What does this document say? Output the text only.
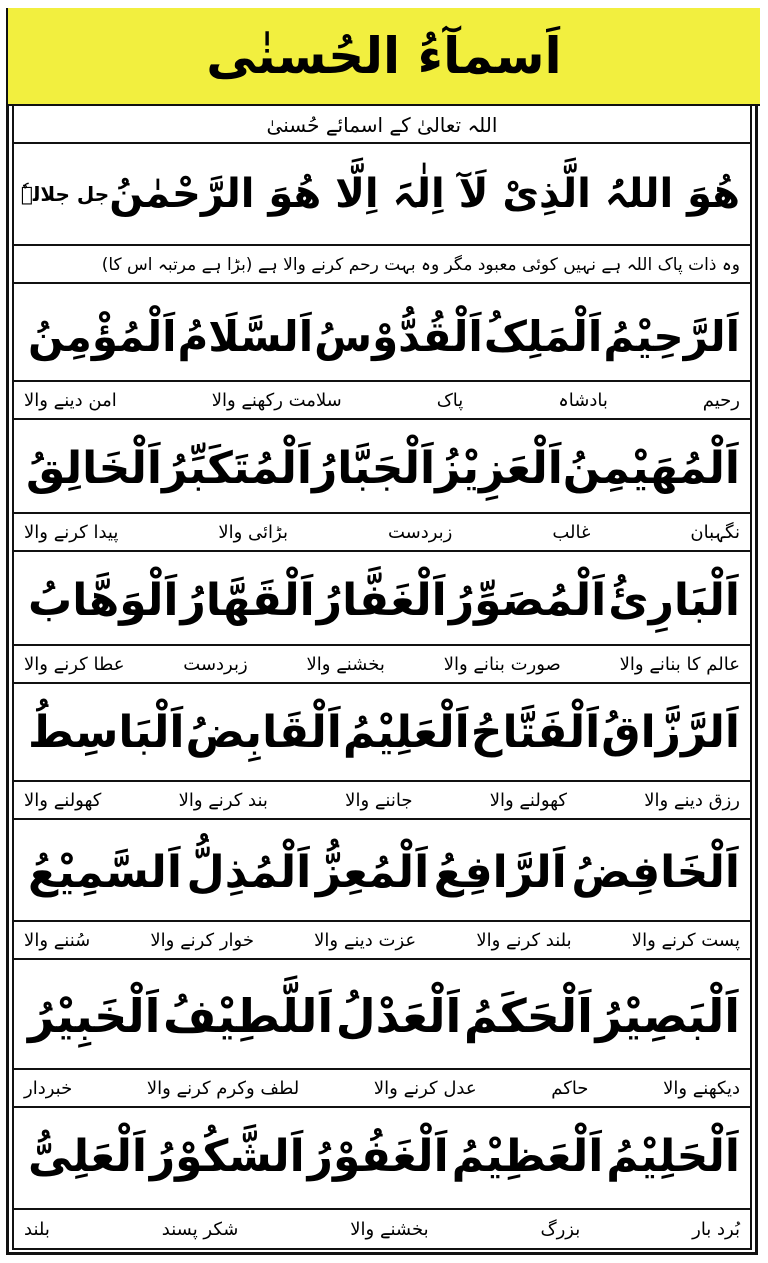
اَسمآءُ الحُسنٰی
اللہ تعالیٰ کے اسمائے حُسنیٰ
ھُوَ اللہُ الَّذِیْ لَآ اِلٰہَ اِلَّا ھُوَ الرَّحْمٰنُ
جل جلالہٗ
وہ ذات پاک اللہ ہے نہیں کوئی معبود مگر وہ بہت رحم کرنے والا ہے (بڑا ہے مرتبہ اس کا)
اَلرَّحِیْمُ
اَلْمَلِکُ
اَلْقُدُّوْسُ
اَلسَّلَامُ
اَلْمُؤْمِنُ
رحیم
بادشاہ
پاک
سلامت رکھنے والا
امن دینے والا
اَلْمُھَیْمِنُ
اَلْعَزِیْزُ
اَلْجَبَّارُ
اَلْمُتَکَبِّرُ
اَلْخَالِقُ
نگہبان
غالب
زبردست
بڑائی والا
پیدا کرنے والا
اَلْبَارِئُ
اَلْمُصَوِّرُ
اَلْغَفَّارُ
اَلْقَھَّارُ
اَلْوَھَّابُ
عالم کا بنانے والا
صورت بنانے والا
بخشنے والا
زبردست
عطا کرنے والا
اَلرَّزَّاقُ
اَلْفَتَّاحُ
اَلْعَلِیْمُ
اَلْقَابِضُ
اَلْبَاسِطُ
رزق دینے والا
کھولنے والا
جاننے والا
بند کرنے والا
کھولنے والا
اَلْخَافِضُ
اَلرَّافِعُ
اَلْمُعِزُّ
اَلْمُذِلُّ
اَلسَّمِیْعُ
پست کرنے والا
بلند کرنے والا
عزت دینے والا
خوار کرنے والا
سُننے والا
اَلْبَصِیْرُ
اَلْحَکَمُ
اَلْعَدْلُ
اَللَّطِیْفُ
اَلْخَبِیْرُ
دیکھنے والا
حاکم
عدل کرنے والا
لطف وکرم کرنے والا
خبردار
اَلْحَلِیْمُ
اَلْعَظِیْمُ
اَلْغَفُوْرُ
اَلشَّکُوْرُ
اَلْعَلِیُّ
بُرد بار
بزرگ
بخشنے والا
شکر پسند
بلند
